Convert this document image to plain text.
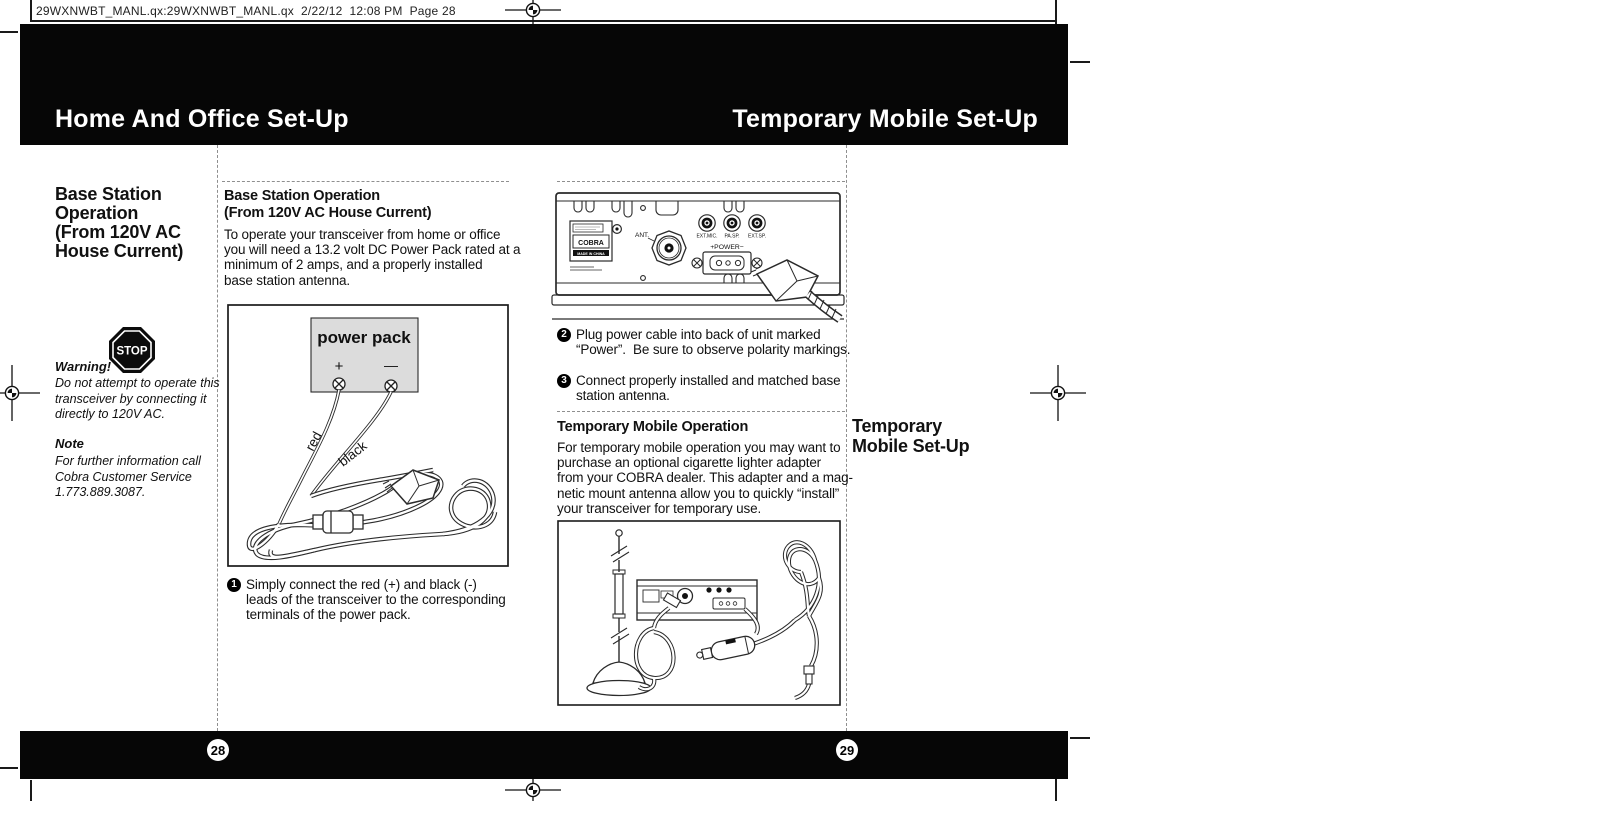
29WXNWBT_MANL.qx:29WXNWBT_MANL.qx  2/22/12  12:08 PM  Page 28
Home And Office Set-Up	Temporary Mobile Set-Up
Base Station
Operation
(From 120V AC
House Current)
STOP
Warning!
Do not attempt to operate this
transceiver by connecting it
directly to 120V AC.
Note
For further information call
Cobra Customer Service
1.773.889.3087.
Base Station Operation
(From 120V AC House Current)
To operate your transceiver from home or office
you will need a 13.2 volt DC Power Pack rated at a
minimum of 2 amps, and a properly installed
base station antenna.
power pack
+	—
red black
1 Simply connect the red (+) and black (-)
leads of the transceiver to the corresponding
terminals of the power pack.
COBRA
MADE IN CHINA
ANT.	EXT.MIC. PA.SP. EXT.SP.
+POWER−
2 Plug power cable into back of unit marked
“Power”.  Be sure to observe polarity markings.
3 Connect properly installed and matched base
station antenna.
Temporary Mobile Operation
For temporary mobile operation you may want to
purchase an optional cigarette lighter adapter
from your COBRA dealer. This adapter and a mag-
netic mount antenna allow you to quickly “install”
your transceiver for temporary use.
Temporary
Mobile Set-Up
28	29
